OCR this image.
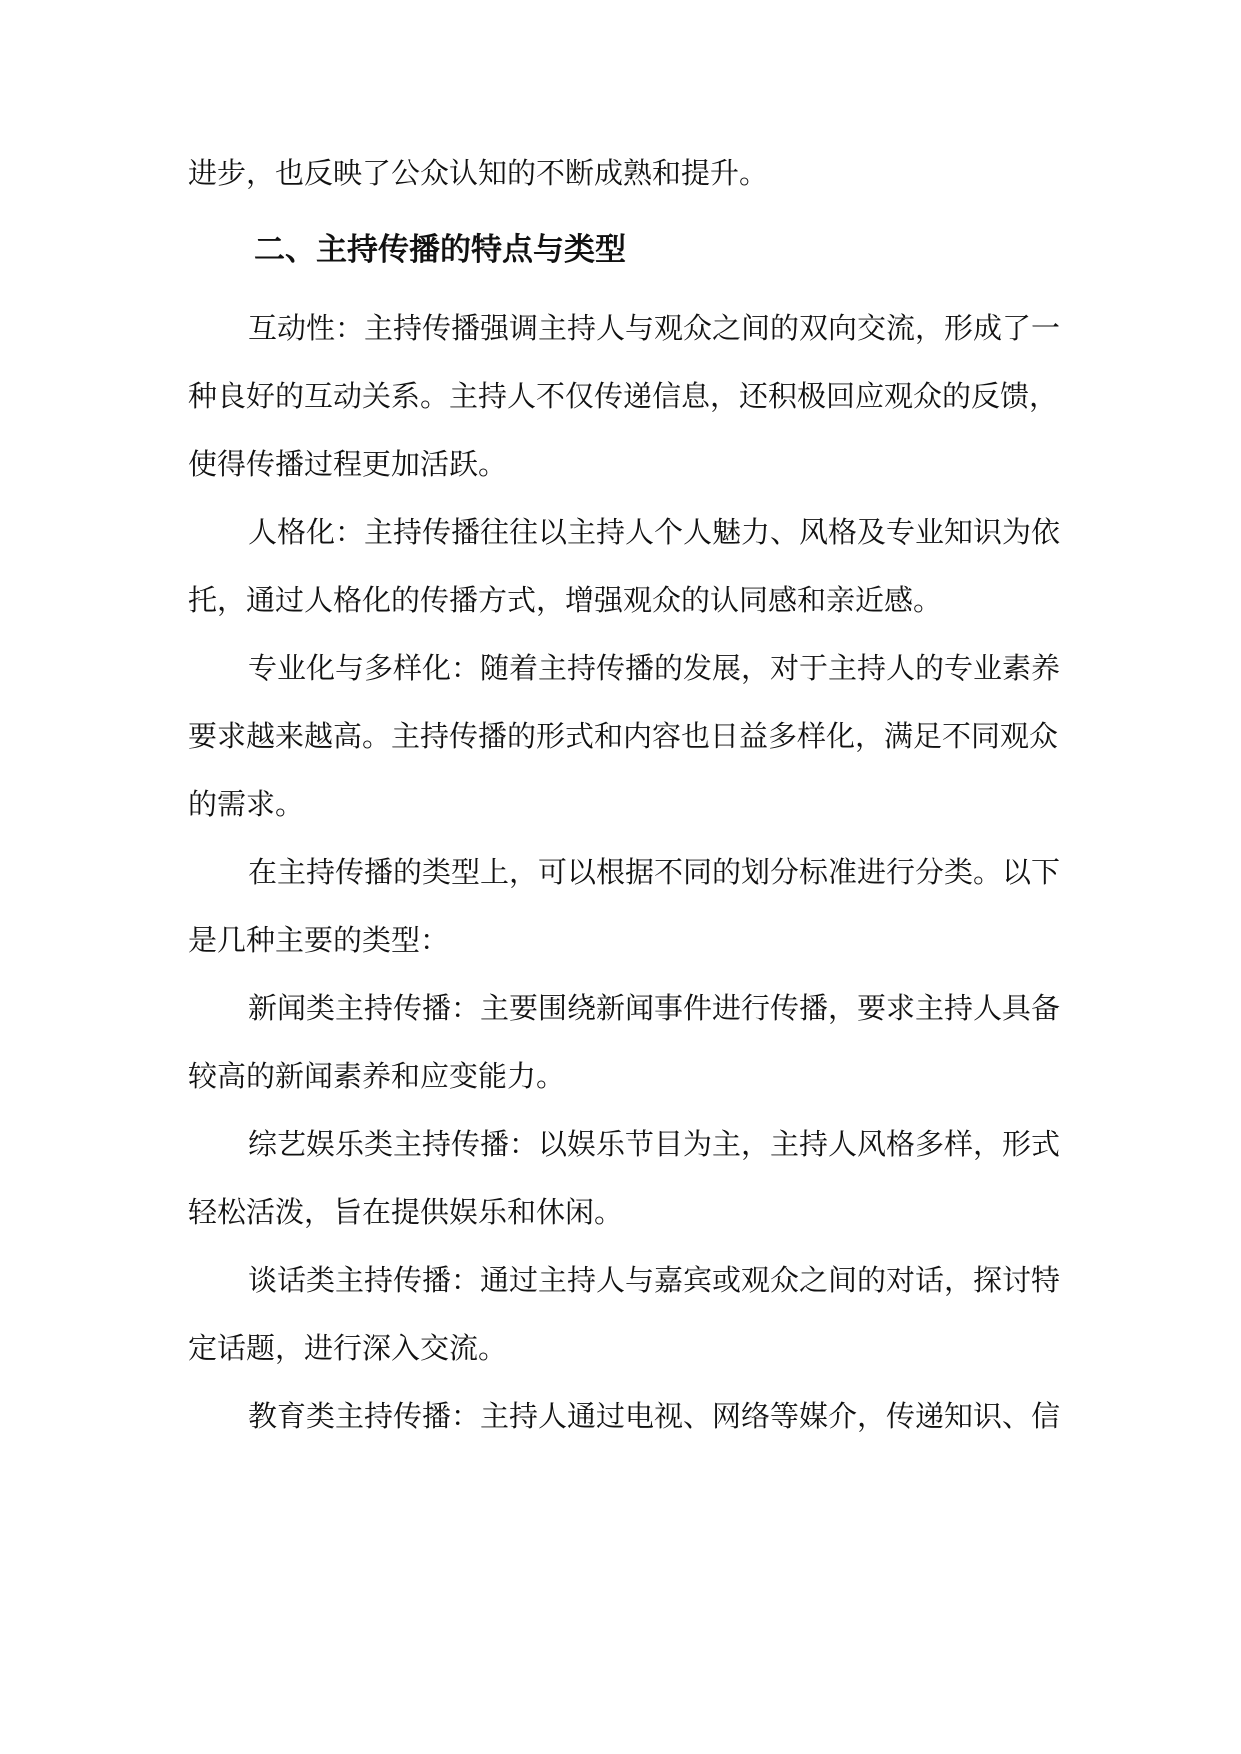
进步，也反映了公众认知的不断成熟和提升。

二、主持传播的特点与类型

互动性：主持传播强调主持人与观众之间的双向交流，形成了一

种良好的互动关系。主持人不仅传递信息，还积极回应观众的反馈，

使得传播过程更加活跃。

人格化：主持传播往往以主持人个人魅力、风格及专业知识为依

托，通过人格化的传播方式，增强观众的认同感和亲近感。

专业化与多样化：随着主持传播的发展，对于主持人的专业素养

要求越来越高。主持传播的形式和内容也日益多样化，满足不同观众

的需求。

在主持传播的类型上，可以根据不同的划分标准进行分类。以下

是几种主要的类型：

新闻类主持传播：主要围绕新闻事件进行传播，要求主持人具备

较高的新闻素养和应变能力。

综艺娱乐类主持传播：以娱乐节目为主，主持人风格多样，形式

轻松活泼，旨在提供娱乐和休闲。

谈话类主持传播：通过主持人与嘉宾或观众之间的对话，探讨特

定话题，进行深入交流。

教育类主持传播：主持人通过电视、网络等媒介，传递知识、信
